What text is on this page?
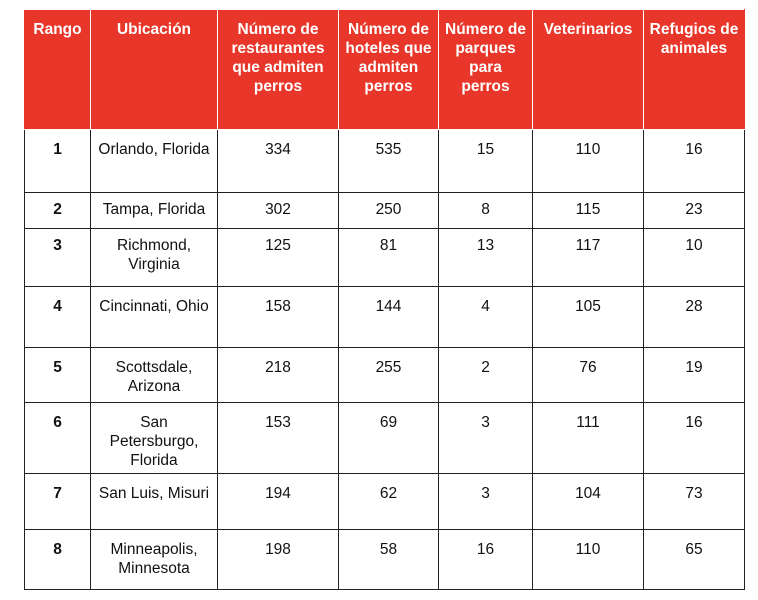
Rango	Ubicación	Número de restaurantes que admiten perros	Número de hoteles que admiten perros	Número de parques para perros	Veterinarios	Refugios de animales
1	Orlando, Florida	334	535	15	110	16
2	Tampa, Florida	302	250	8	115	23
3	Richmond, Virginia	125	81	13	117	10
4	Cincinnati, Ohio	158	144	4	105	28
5	Scottsdale, Arizona	218	255	2	76	19
6	San Petersburgo, Florida	153	69	3	111	16
7	San Luis, Misuri	194	62	3	104	73
8	Minneapolis, Minnesota	198	58	16	110	65
